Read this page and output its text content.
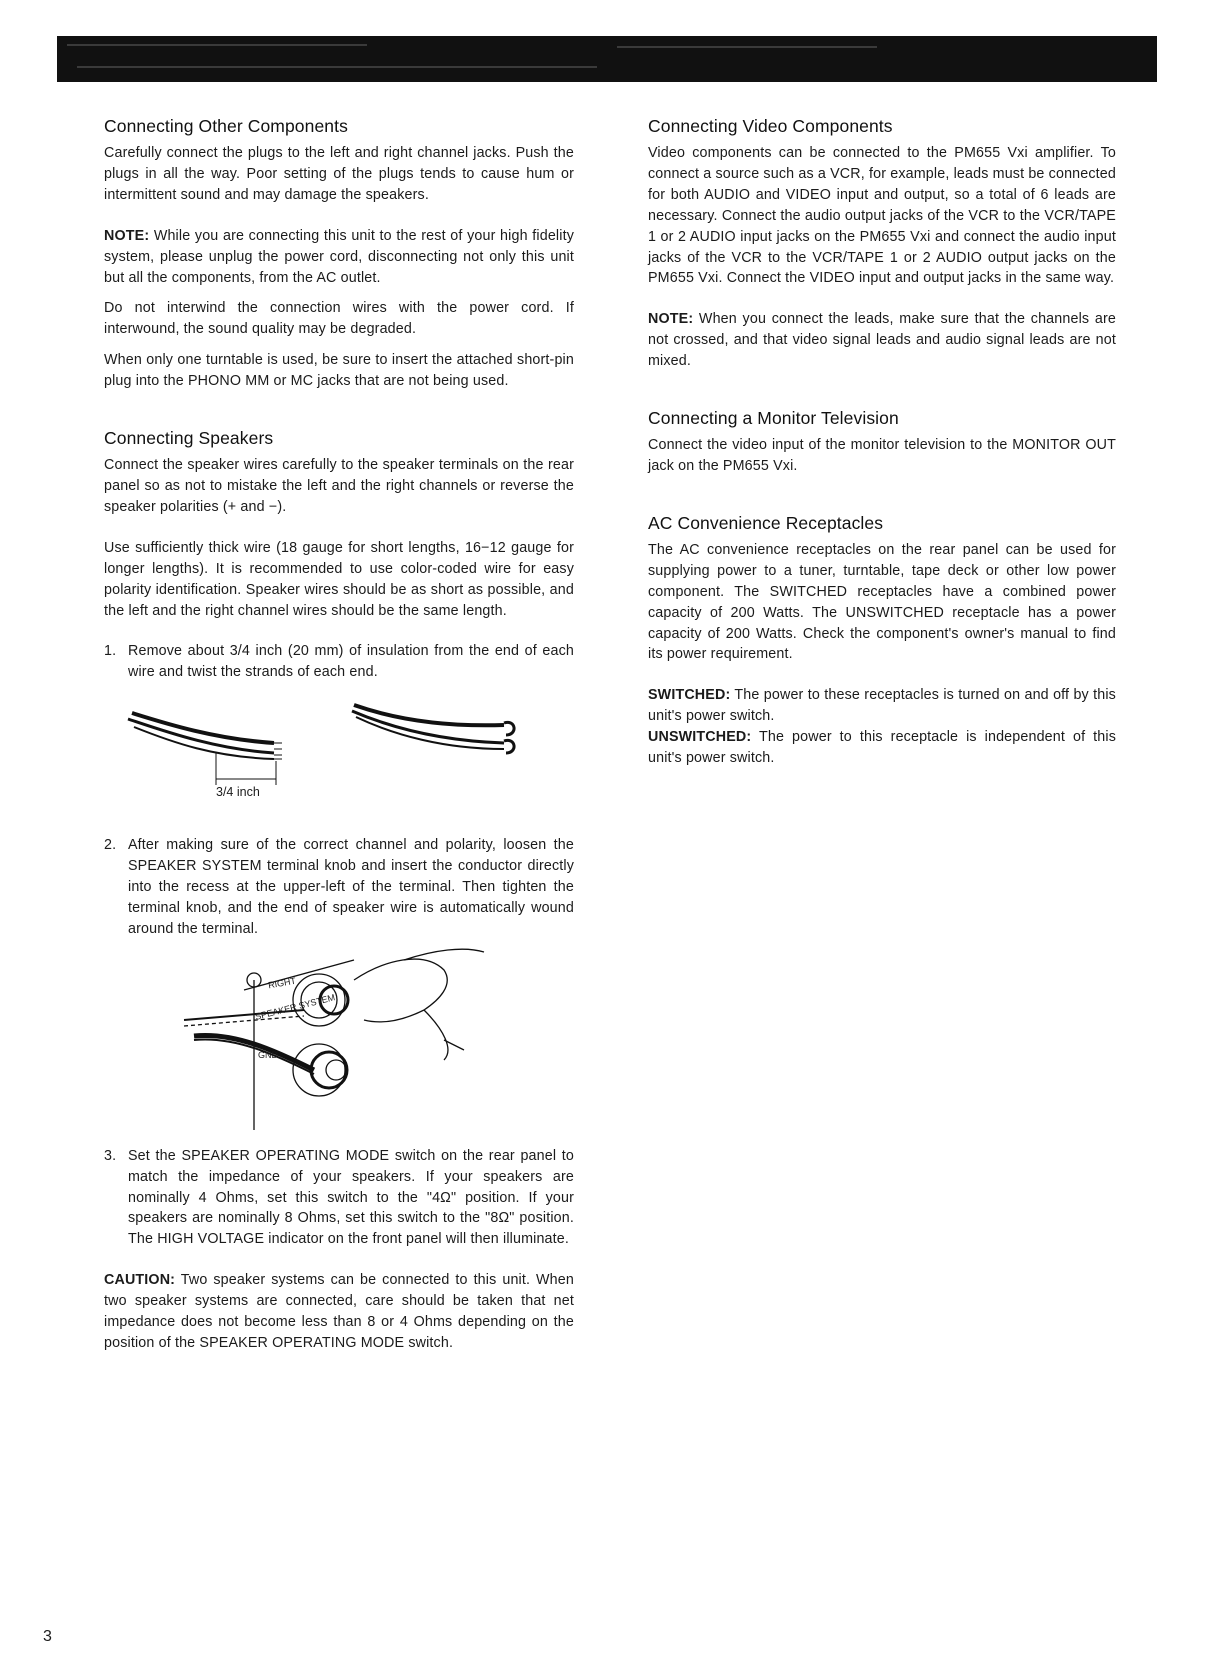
Connecting Other Components

Carefully connect the plugs to the left and right channel jacks. Push the plugs in all the way. Poor setting of the plugs tends to cause hum or intermittent sound and may damage the speakers.

NOTE: While you are connecting this unit to the rest of your high fidelity system, please unplug the power cord, disconnecting not only this unit but all the components, from the AC outlet.

Do not interwind the connection wires with the power cord. If interwound, the sound quality may be degraded.

When only one turntable is used, be sure to insert the attached short-pin plug into the PHONO MM or MC jacks that are not being used.

Connecting Speakers

Connect the speaker wires carefully to the speaker terminals on the rear panel so as not to mistake the left and the right channels or reverse the speaker polarities (+ and −).

Use sufficiently thick wire (18 gauge for short lengths, 16−12 gauge for longer lengths). It is recommended to use color-coded wire for easy polarity identification. Speaker wires should be as short as possible, and the left and the right channel wires should be the same length.

1. Remove about 3/4 inch (20 mm) of insulation from the end of each wire and twist the strands of each end.
3/4 inch
2. After making sure of the correct channel and polarity, loosen the SPEAKER SYSTEM terminal knob and insert the conductor directly into the recess at the upper-left of the terminal. Then tighten the terminal knob, and the end of speaker wire is automatically wound around the terminal.
RIGHT
SPEAKER SYSTEM
GND
3. Set the SPEAKER OPERATING MODE switch on the rear panel to match the impedance of your speakers. If your speakers are nominally 4 Ohms, set this switch to the "4Ω" position. If your speakers are nominally 8 Ohms, set this switch to the "8Ω" position. The HIGH VOLTAGE indicator on the front panel will then illuminate.

CAUTION: Two speaker systems can be connected to this unit. When two speaker systems are connected, care should be taken that net impedance does not become less than 8 or 4 Ohms depending on the position of the SPEAKER OPERATING MODE switch.

Connecting Video Components

Video components can be connected to the PM655 Vxi amplifier. To connect a source such as a VCR, for example, leads must be connected for both AUDIO and VIDEO input and output, so a total of 6 leads are necessary. Connect the audio output jacks of the VCR to the VCR/TAPE 1 or 2 AUDIO input jacks on the PM655 Vxi and connect the audio input jacks of the VCR to the VCR/TAPE 1 or 2 AUDIO output jacks on the PM655 Vxi. Connect the VIDEO input and output jacks in the same way.

NOTE: When you connect the leads, make sure that the channels are not crossed, and that video signal leads and audio signal leads are not mixed.

Connecting a Monitor Television

Connect the video input of the monitor television to the MONITOR OUT jack on the PM655 Vxi.

AC Convenience Receptacles

The AC convenience receptacles on the rear panel can be used for supplying power to a tuner, turntable, tape deck or other low power component. The SWITCHED receptacles have a combined power capacity of 200 Watts. The UNSWITCHED receptacle has a power capacity of 200 Watts. Check the component's owner's manual to find its power requirement.

SWITCHED: The power to these receptacles is turned on and off by this unit's power switch.

UNSWITCHED: The power to this receptacle is independent of this unit's power switch.

3
